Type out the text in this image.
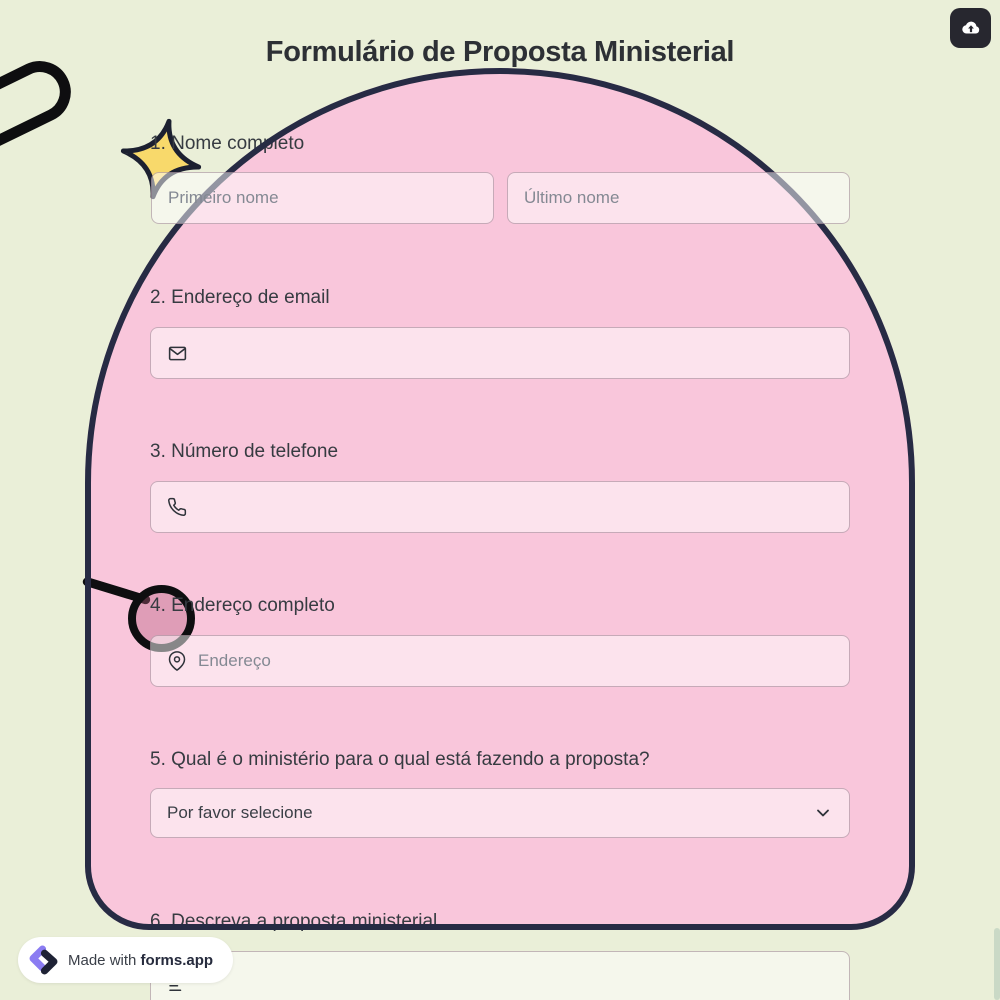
Formulário de Proposta Ministerial
1. Nome completo
Primeiro nome
Último nome
2. Endereço de email
3. Número de telefone
4. Endereço completo
Endereço
5. Qual é o ministério para o qual está fazendo a proposta?
Por favor selecione
6. Descreva a proposta ministerial
Made with forms.app
